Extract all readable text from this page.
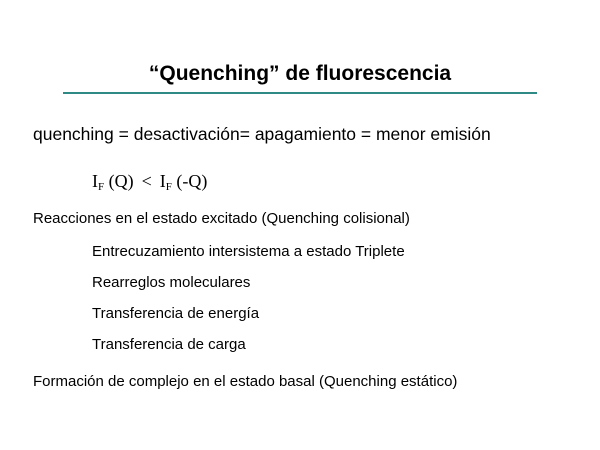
“Quenching” de fluorescencia
quenching = desactivación= apagamiento = menor emisión
$I_F$ $(Q) < I_F$ (-Q)
Reacciones en el estado excitado (Quenching colisional)
Entrecuzamiento intersistema a estado Triplete
Rearreglos moleculares
Transferencia de energía
Transferencia de carga
Formación de complejo en el estado basal (Quenching estático)
